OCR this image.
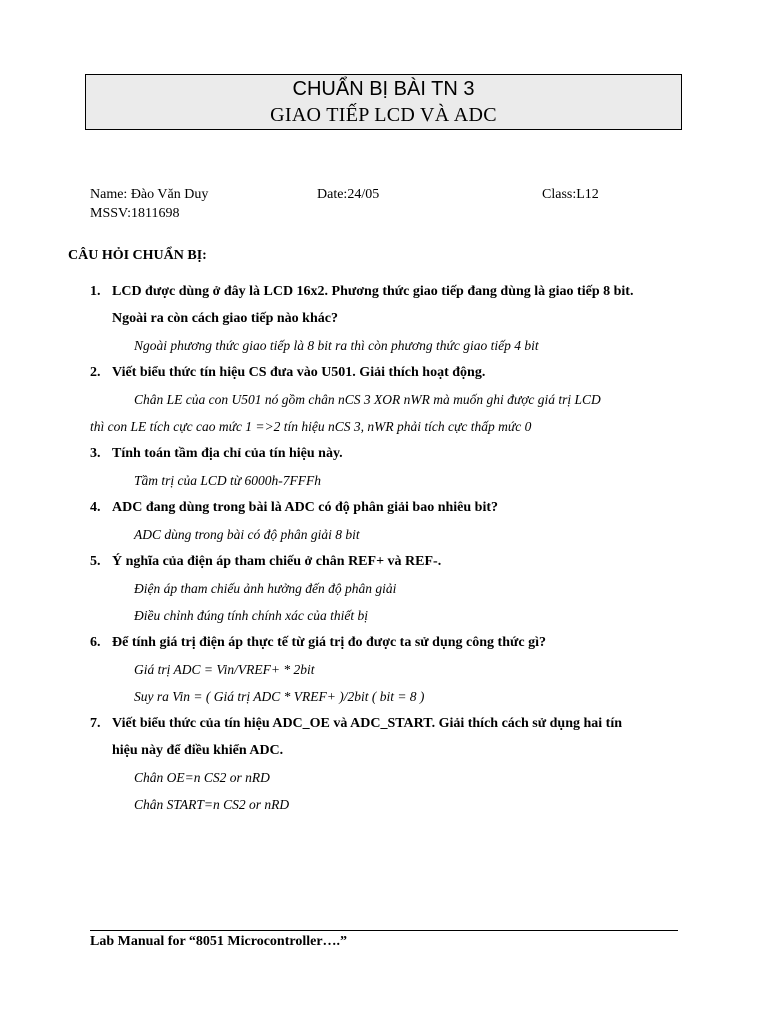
CHUẨN BỊ BÀI TN 3
GIAO TIẾP LCD VÀ ADC
Name: Đào Văn Duy	Date:24/05	Class:L12
MSSV:1811698
CÂU HỎI CHUẨN BỊ:
1. LCD được dùng ở đây là LCD 16x2. Phương thức giao tiếp đang dùng là giao tiếp 8 bit.
Ngoài ra còn cách giao tiếp nào khác?
Ngoài phương thức giao tiếp là 8 bit ra thì còn phương thức giao tiếp 4 bit
2. Viết biểu thức tín hiệu CS đưa vào U501. Giải thích hoạt động.
Chân LE của con U501 nó gồm chân nCS 3 XOR nWR mà muốn ghi được giá trị LCD
thì con LE tích cực cao mức 1 =>2 tín hiệu nCS 3, nWR phải tích cực thấp mức 0
3. Tính toán tầm địa chỉ của tín hiệu này.
Tầm trị của LCD từ 6000h-7FFFh
4. ADC đang dùng trong bài là ADC có độ phân giải bao nhiêu bit?
ADC dùng trong bài có độ phân giải 8 bit
5. Ý nghĩa của điện áp tham chiếu ở chân REF+ và REF-.
Điện áp tham chiếu ảnh hưởng đến độ phân giải
Điều chỉnh đúng tính chính xác của thiết bị
6. Để tính giá trị điện áp thực tế từ giá trị đo được ta sử dụng công thức gì?
Giá trị ADC = Vin/VREF+ * 2bit
Suy ra Vin = ( Giá trị ADC * VREF+ )/2bit ( bit = 8 )
7. Viết biểu thức của tín hiệu ADC_OE và ADC_START. Giải thích cách sử dụng hai tín
hiệu này để điều khiển ADC.
Chân OE=n CS2 or nRD
Chân START=n CS2 or nRD
Lab Manual for “8051 Microcontroller….”
